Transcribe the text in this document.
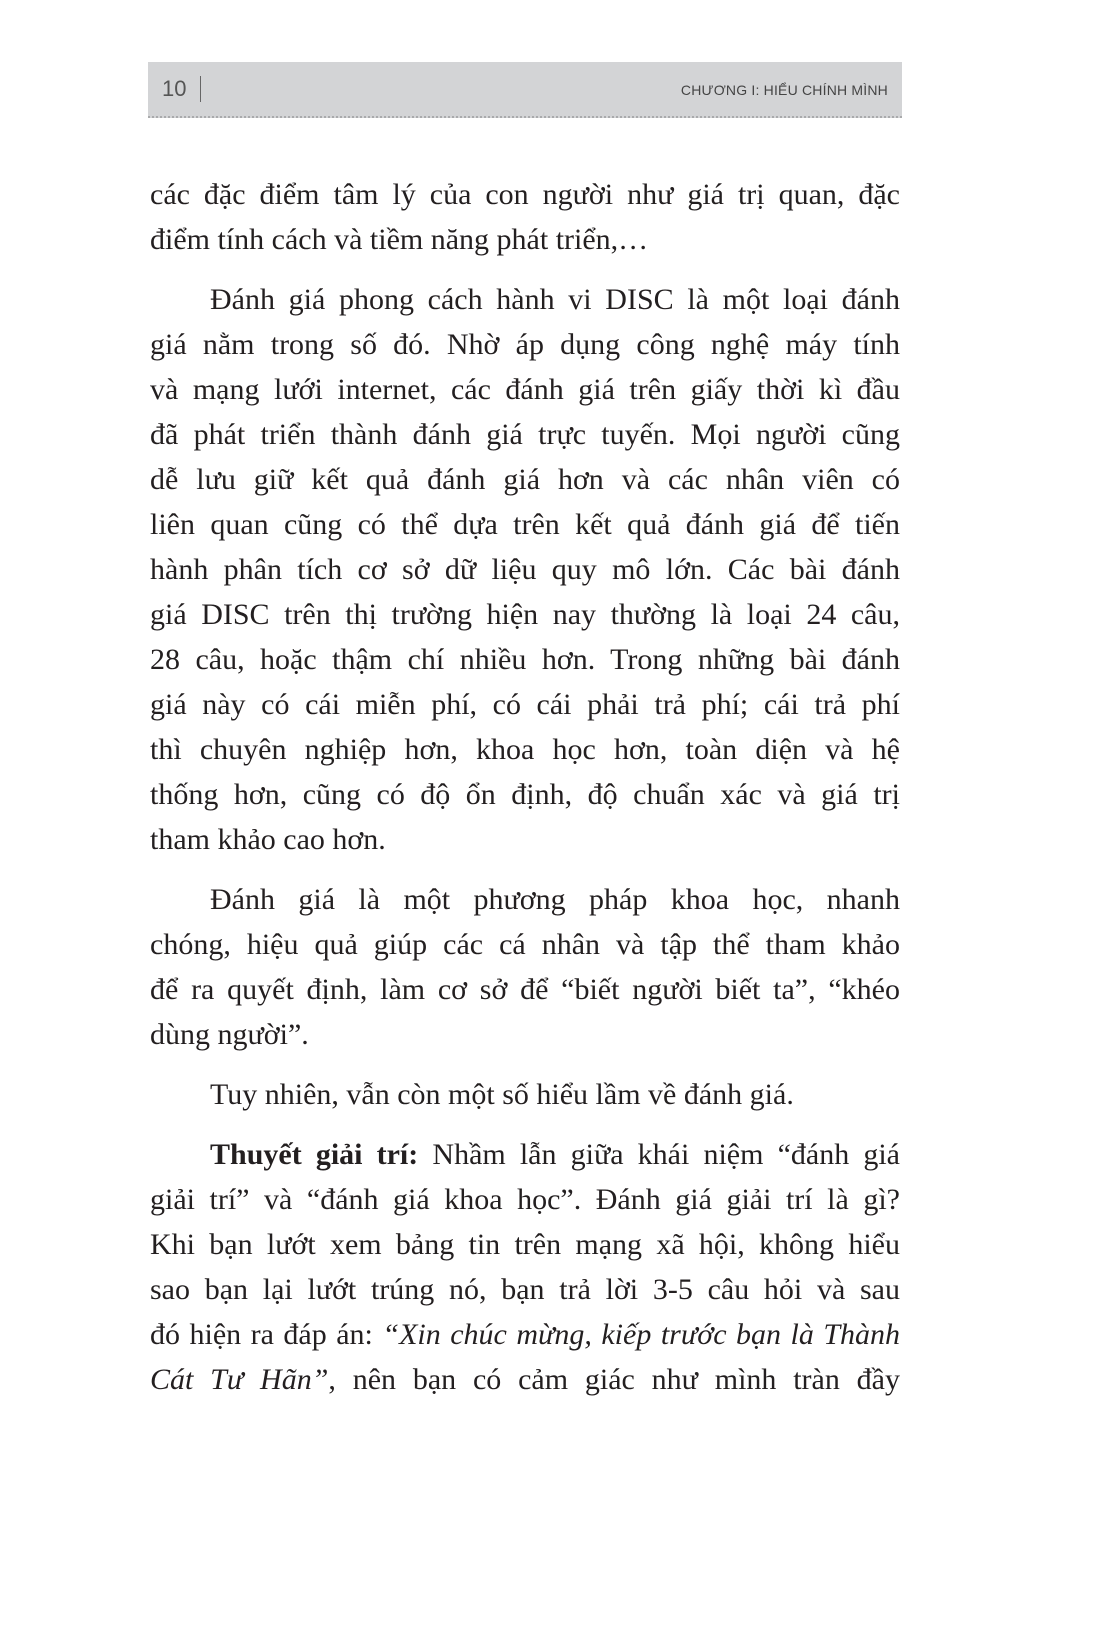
10	CHƯƠNG I: HIỂU CHÍNH MÌNH
các đặc điểm tâm lý của con người như giá trị quan, đặc
điểm tính cách và tiềm năng phát triển,…
Đánh giá phong cách hành vi DISC là một loại đánh
giá nằm trong số đó. Nhờ áp dụng công nghệ máy tính
và mạng lưới internet, các đánh giá trên giấy thời kì đầu
đã phát triển thành đánh giá trực tuyến. Mọi người cũng
dễ lưu giữ kết quả đánh giá hơn và các nhân viên có
liên quan cũng có thể dựa trên kết quả đánh giá để tiến
hành phân tích cơ sở dữ liệu quy mô lớn. Các bài đánh
giá DISC trên thị trường hiện nay thường là loại 24 câu,
28 câu, hoặc thậm chí nhiều hơn. Trong những bài đánh
giá này có cái miễn phí, có cái phải trả phí; cái trả phí
thì chuyên nghiệp hơn, khoa học hơn, toàn diện và hệ
thống hơn, cũng có độ ổn định, độ chuẩn xác và giá trị
tham khảo cao hơn.
Đánh giá là một phương pháp khoa học, nhanh
chóng, hiệu quả giúp các cá nhân và tập thể tham khảo
để ra quyết định, làm cơ sở để “biết người biết ta”, “khéo
dùng người”.
Tuy nhiên, vẫn còn một số hiểu lầm về đánh giá.
Thuyết giải trí: Nhầm lẫn giữa khái niệm “đánh giá
giải trí” và “đánh giá khoa học”. Đánh giá giải trí là gì?
Khi bạn lướt xem bảng tin trên mạng xã hội, không hiểu
sao bạn lại lướt trúng nó, bạn trả lời 3-5 câu hỏi và sau
đó hiện ra đáp án: “Xin chúc mừng, kiếp trước bạn là Thành
Cát Tư Hãn”, nên bạn có cảm giác như mình tràn đầy
